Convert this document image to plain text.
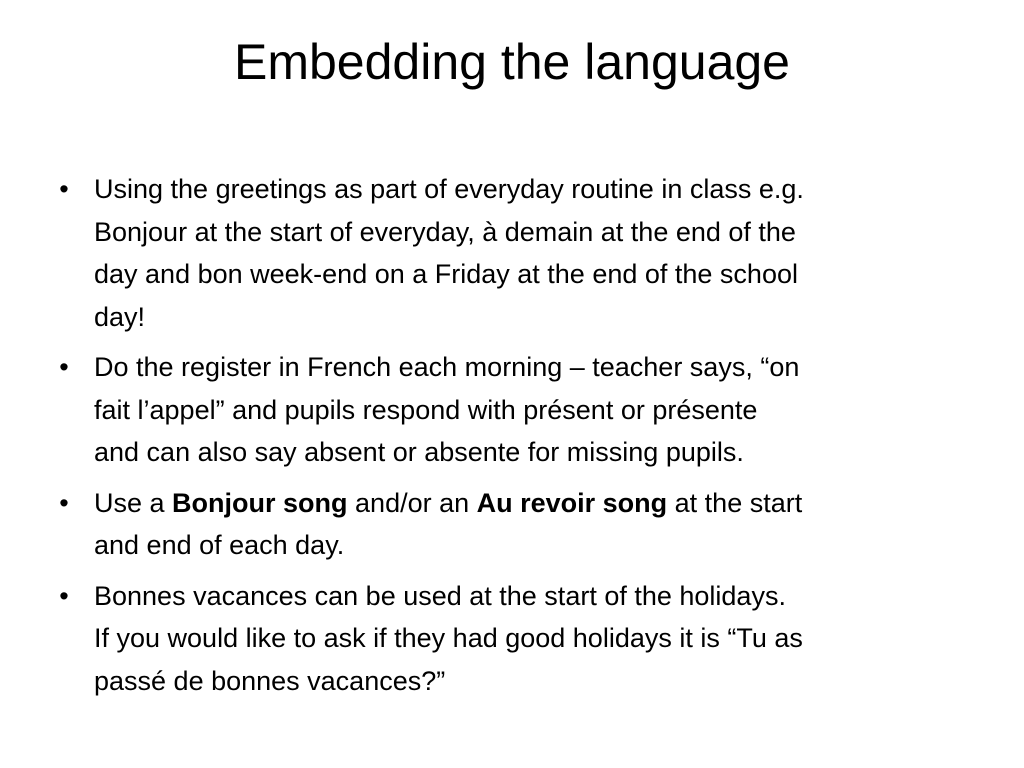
Embedding the language
• Using the greetings as part of everyday routine in class e.g.
Bonjour at the start of everyday, à demain at the end of the
day and bon week-end on a Friday at the end of the school
day!
• Do the register in French each morning – teacher says, “on
fait l’appel” and pupils respond with présent or présente
and can also say absent or absente for missing pupils.
• Use a Bonjour song and/or an Au revoir song at the start
and end of each day.
• Bonnes vacances can be used at the start of the holidays.
If you would like to ask if they had good holidays it is “Tu as
passé de bonnes vacances?”
